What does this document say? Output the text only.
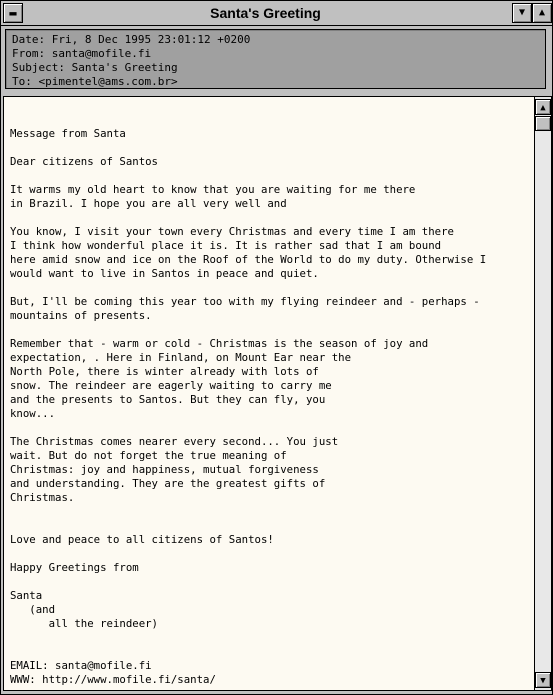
▬	Santa's Greeting	▼	▲
Date: Fri, 8 Dec 1995 23:01:12 +0200
From: santa@mofile.fi
Subject: Santa's Greeting
To: <pimentel@ams.com.br>
Message from Santa
Dear citizens of Santos
It warms my old heart to know that you are waiting for me there
in Brazil. I hope you are all very well and
You know, I visit your town every Christmas and every time I am there
I think how wonderful place it is. It is rather sad that I am bound
here amid snow and ice on the Roof of the World to do my duty. Otherwise I
would want to live in Santos in peace and quiet.
But, I'll be coming this year too with my flying reindeer and - perhaps -
mountains of presents.
Remember that - warm or cold - Christmas is the season of joy and
expectation, . Here in Finland, on Mount Ear near the
North Pole, there is winter already with lots of
snow. The reindeer are eagerly waiting to carry me
and the presents to Santos. But they can fly, you
know...
The Christmas comes nearer every second... You just
wait. But do not forget the true meaning of
Christmas: joy and happiness, mutual forgiveness
and understanding. They are the greatest gifts of
Christmas.
Love and peace to all citizens of Santos!
Happy Greetings from
Santa
(and
all the reindeer)
EMAIL: santa@mofile.fi
WWW: http://www.mofile.fi/santa/
▲
▼
